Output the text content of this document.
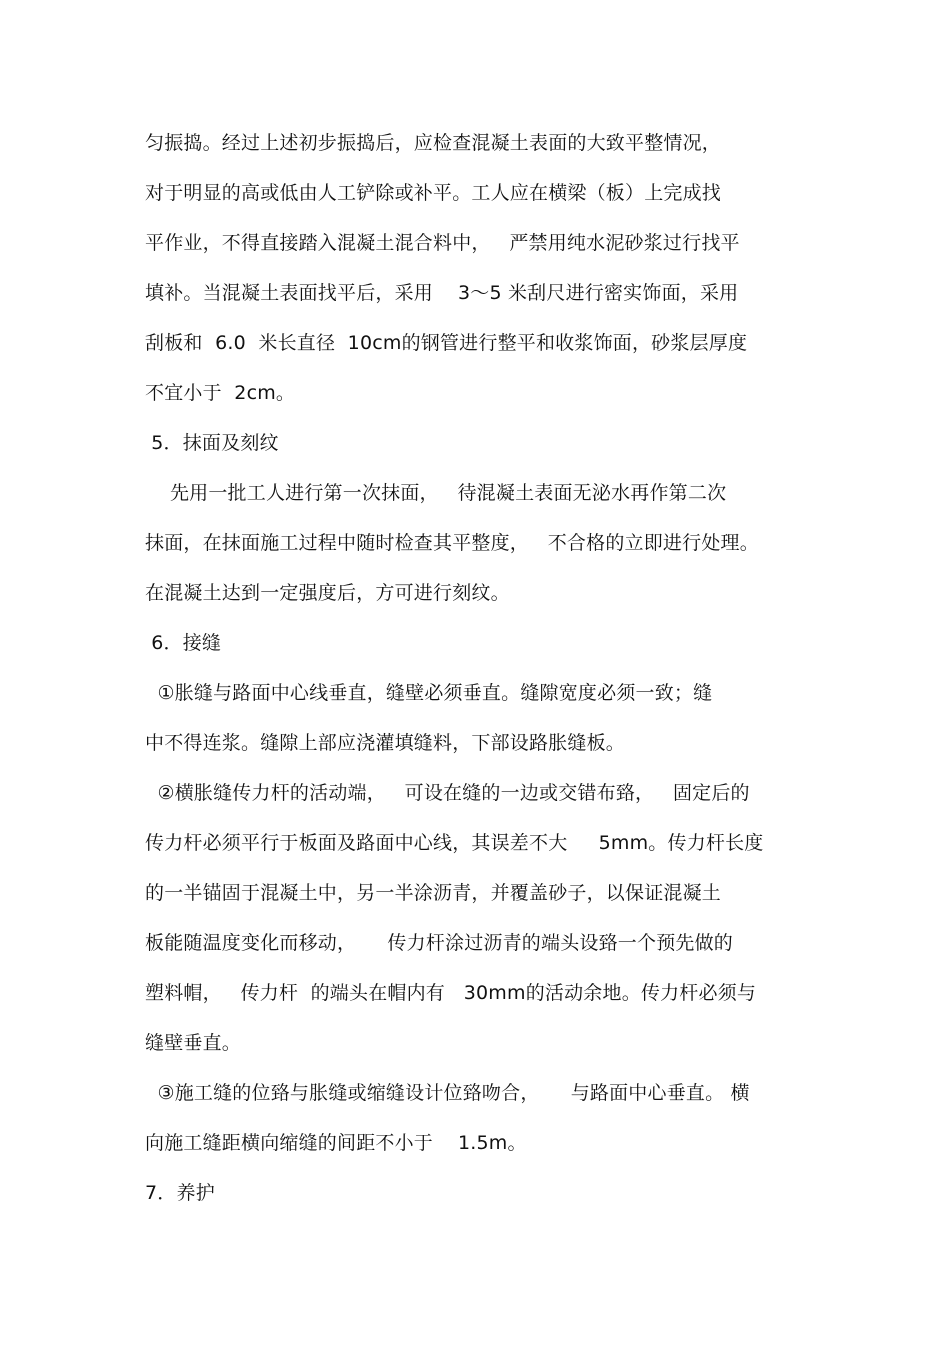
匀振捣。经过上述初步振捣后，应检查混凝土表面的大致平整情况，
对于明显的高或低由人工铲除或补平。工人应在横梁（板）上完成找
平作业，不得直接踏入混凝土混合料中，   严禁用纯水泥砂浆过行找平
填补。当混凝土表面找平后，采用    3～5 米刮尺进行密实饰面，采用
刮板和  6.0  米长直径  10cm的钢管进行整平和收浆饰面，砂浆层厚度
不宜小于  2cm。
5．抹面及刻纹
先用一批工人进行第一次抹面，   待混凝土表面无泌水再作第二次
抹面，在抹面施工过程中随时检查其平整度，   不合格的立即进行处理。
在混凝土达到一定强度后，方可进行刻纹。
6．接缝
①胀缝与路面中心线垂直，缝壁必须垂直。缝隙宽度必须一致；缝
中不得连浆。缝隙上部应浇灌填缝料，下部设路胀缝板。
②横胀缝传力杆的活动端，   可设在缝的一边或交错布臵，   固定后的
传力杆必须平行于板面及路面中心线，其误差不大     5mm。传力杆长度
的一半锚固于混凝土中，另一半涂沥青，并覆盖砂子，以保证混凝土
板能随温度变化而移动，     传力杆涂过沥青的端头设臵一个预先做的
塑料帽，   传力杆  的端头在帽内有   30mm的活动余地。传力杆必须与
缝壁垂直。
③施工缝的位臵与胀缝或缩缝设计位臵吻合，     与路面中心垂直。 横
向施工缝距横向缩缝的间距不小于    1.5m。
7．养护
